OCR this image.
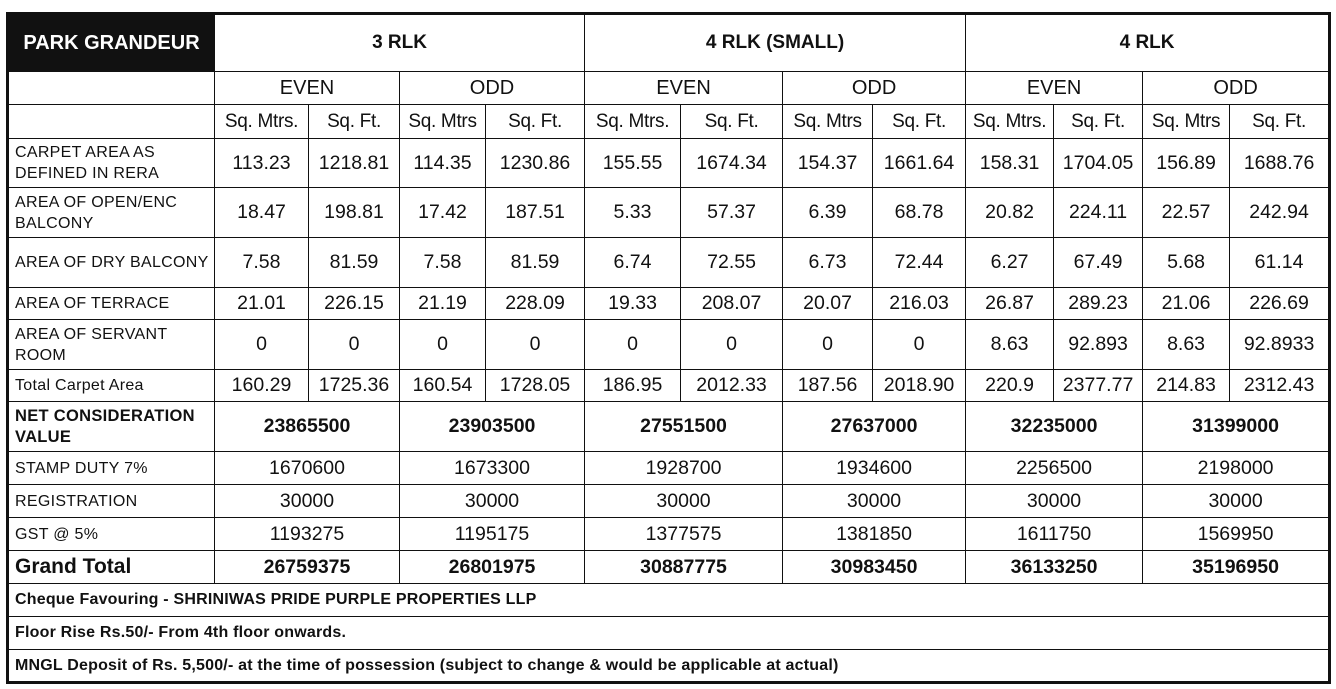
PARK GRANDEUR	3 RLK				4 RLK (SMALL)				4 RLK			
	EVEN		ODD		EVEN		ODD		EVEN		ODD	
	Sq. Mtrs.	Sq. Ft.	Sq. Mtrs	Sq. Ft.	Sq. Mtrs.	Sq. Ft.	Sq. Mtrs	Sq. Ft.	Sq. Mtrs.	Sq. Ft.	Sq. Mtrs	Sq. Ft.
CARPET AREA AS DEFINED IN RERA	113.23	1218.81	114.35	1230.86	155.55	1674.34	154.37	1661.64	158.31	1704.05	156.89	1688.76
AREA OF OPEN/ENC BALCONY	18.47	198.81	17.42	187.51	5.33	57.37	6.39	68.78	20.82	224.11	22.57	242.94
AREA OF DRY BALCONY	7.58	81.59	7.58	81.59	6.74	72.55	6.73	72.44	6.27	67.49	5.68	61.14
AREA OF TERRACE	21.01	226.15	21.19	228.09	19.33	208.07	20.07	216.03	26.87	289.23	21.06	226.69
AREA OF SERVANT ROOM	0	0	0	0	0	0	0	0	8.63	92.893	8.63	92.8933
Total Carpet Area	160.29	1725.36	160.54	1728.05	186.95	2012.33	187.56	2018.90	220.9	2377.77	214.83	2312.43
NET CONSIDERATION VALUE	23865500		23903500		27551500		27637000		32235000		31399000	
STAMP DUTY 7%	1670600		1673300		1928700		1934600		2256500		2198000	
REGISTRATION	30000		30000		30000		30000		30000		30000	
GST @ 5%	1193275		1195175		1377575		1381850		1611750		1569950	
Grand Total	26759375		26801975		30887775		30983450		36133250		35196950	
Cheque Favouring - SHRINIWAS PRIDE PURPLE PROPERTIES LLP												
Floor Rise Rs.50/- From 4th floor onwards.												
MNGL Deposit of Rs. 5,500/- at the time of possession (subject to change & would be applicable at actual)												
